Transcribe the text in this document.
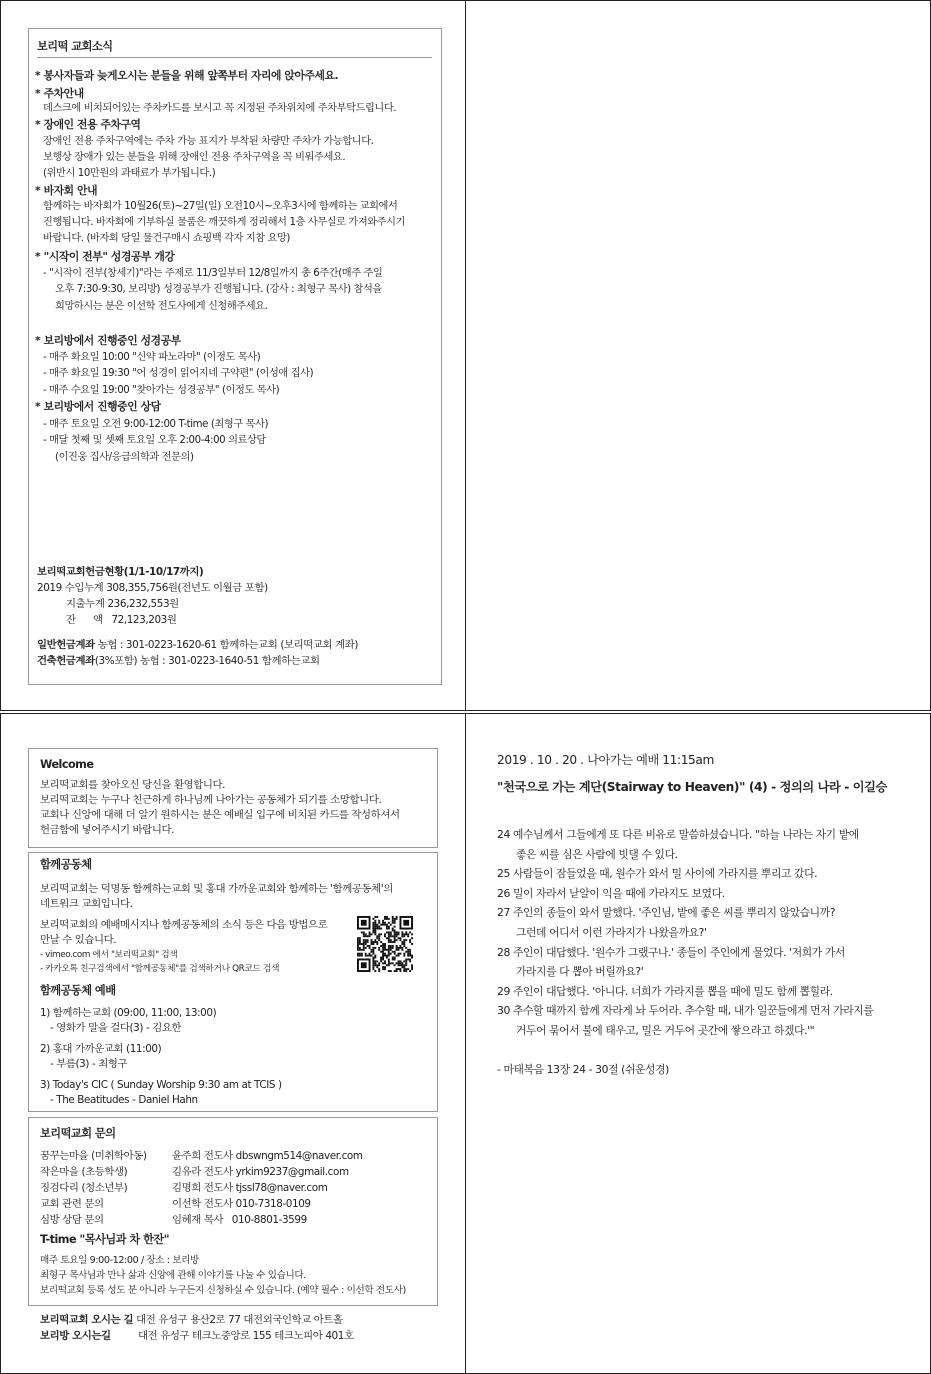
보리떡 교회소식
* 봉사자들과 늦게오시는 분들을 위해 앞쪽부터 자리에 앉아주세요.
* 주차안내
데스크에 비치되어있는 주차카드를 보시고 꼭 지정된 주차위치에 주차부탁드립니다.
* 장애인 전용 주차구역
장애인 전용 주차구역에는 주차 가능 표지가 부착된 차량만 주차가 가능합니다.
보행상 장애가 있는 분들을 위해 장애인 전용 주차구역을 꼭 비워주세요.
(위반시 10만원의 과태료가 부가됩니다.)
* 바자회 안내
함께하는 바자회가 10월26(토)~27일(일) 오전10시~오후3시에 함께하는 교회에서
진행됩니다. 바자회에 기부하실 물품은 깨끗하게 정리해서 1층 사무실로 가져와주시기
바랍니다. (바자회 당일 물건구매시 쇼핑백 각자 지참 요망)
* "시작이 전부" 성경공부 개강
- "시작이 전부(창세기)"라는 주제로 11/3일부터 12/8일까지 총 6주간(매주 주일
오후 7:30-9:30, 보리방) 성경공부가 진행됩니다. (강사 : 최형구 목사) 참석을
희망하시는 분은 이선학 전도사에게 신청해주세요.
* 보리방에서 진행중인 성경공부
- 매주 화요일 10:00 "신약 파노라마" (이정도 목사)
- 매주 화요일 19:30 "어 성경이 읽어지네 구약편" (이성애 집사)
- 매주 수요일 19:00 "찾아가는 성경공부" (이정도 목사)
* 보리방에서 진행중인 상담
- 매주 토요일 오전 9:00-12:00 T-time (최형구 목사)
- 매달 첫째 및 셋째 토요일 오후 2:00-4:00 의료상담
(이진웅 집사/응급의학과 전문의)
보리떡교회헌금현황(1/1-10/17까지)
2019 수입누계 308,355,756원(전년도 이월금 포함)
지출누계 236,232,553원
잔      액   72,123,203원
일반헌금계좌 농협 : 301-0223-1620-61 함께하는교회 (보리떡교회 계좌)
건축헌금계좌(3%포함) 농협 : 301-0223-1640-51 함께하는교회
Welcome
보리떡교회를 찾아오신 당신을 환영합니다.
보리떡교회는 누구나 친근하게 하나님께 나아가는 공동체가 되기를 소망합니다.
교회나 신앙에 대해 더 알기 원하시는 분은 예배실 입구에 비치된 카드를 작성하셔서
헌금함에 넣어주시기 바랍니다.
함께공동체
보리떡교회는 덕명동 함께하는교회 및 홍대 가까운교회와 함께하는 '함께공동체'의
네트워크 교회입니다.
보리떡교회의 예배메시지나 함께공동체의 소식 등은 다음 방법으로
만날 수 있습니다.
- vimeo.com 에서 "보리떡교회" 검색
- 카카오톡 친구검색에서 "함께공동체"를 검색하거나 QR코드 검색
함께공동체 예배
1) 함께하는교회 (09:00, 11:00, 13:00)
- 영화가 말을 걸다(3) - 김요한
2) 홍대 가까운교회 (11:00)
- 부름(3) - 최형구
3) Today's CIC ( Sunday Worship 9:30 am at TCIS )
- The Beatitudes - Daniel Hahn
보리떡교회 문의
꿈꾸는마을 (미취학아동) 윤주희 전도사 dbswngm514@naver.com
작은마을 (초등학생)	김유라 전도사 yrkim9237@gmail.com
징검다리 (청소년부)	김명희 전도사 tjssl78@naver.com
교회 관련 문의	이선학 전도사 010-7318-0109
심방 상담 문의	임혜재 목사   010-8801-3599
T-time "목사님과 차 한잔"
매주 토요일 9:00-12:00 / 장소 : 보리방
최형구 목사님과 만나 삶과 신앙에 관해 이야기를 나눌 수 있습니다.
보리떡교회 등록 성도 분 아니라 누구든지 신청하실 수 있습니다. (예약 필수 : 이선학 전도사)
보리떡교회 오시는 길 대전 유성구 용산2로 77 대전외국인학교 아트홀
보리방 오시는길	대전 유성구 테크노중앙로 155 테크노피아 401호
2019 . 10 . 20 . 나아가는 예배 11:15am
"천국으로 가는 계단(Stairway to Heaven)" (4) - 정의의 나라 - 이길승
24 예수님께서 그들에게 또 다른 비유로 말씀하셨습니다. "하늘 나라는 자기 밭에
좋은 씨를 심은 사람에 빗댈 수 있다.
25 사람들이 잠들었을 때, 원수가 와서 밀 사이에 가라지를 뿌리고 갔다.
26 밀이 자라서 낟알이 익을 때에 가라지도 보였다.
27 주인의 종들이 와서 말했다. '주인님, 밭에 좋은 씨를 뿌리지 않았습니까?
그런데 어디서 이런 가라지가 나왔을까요?'
28 주인이 대답했다. '원수가 그랬구나.' 종들이 주인에게 물었다. '저희가 가서
가라지를 다 뽑아 버릴까요?'
29 주인이 대답했다. '아니다. 너희가 가라지를 뽑을 때에 밀도 함께 뽑힐라.
30 추수할 때까지 함께 자라게 놔 두어라. 추수할 때, 내가 일꾼들에게 먼저 가라지를
거두어 묶어서 불에 태우고, 밀은 거두어 곳간에 쌓으라고 하겠다.'"
- 마태복음 13장 24 - 30절 (쉬운성경)
